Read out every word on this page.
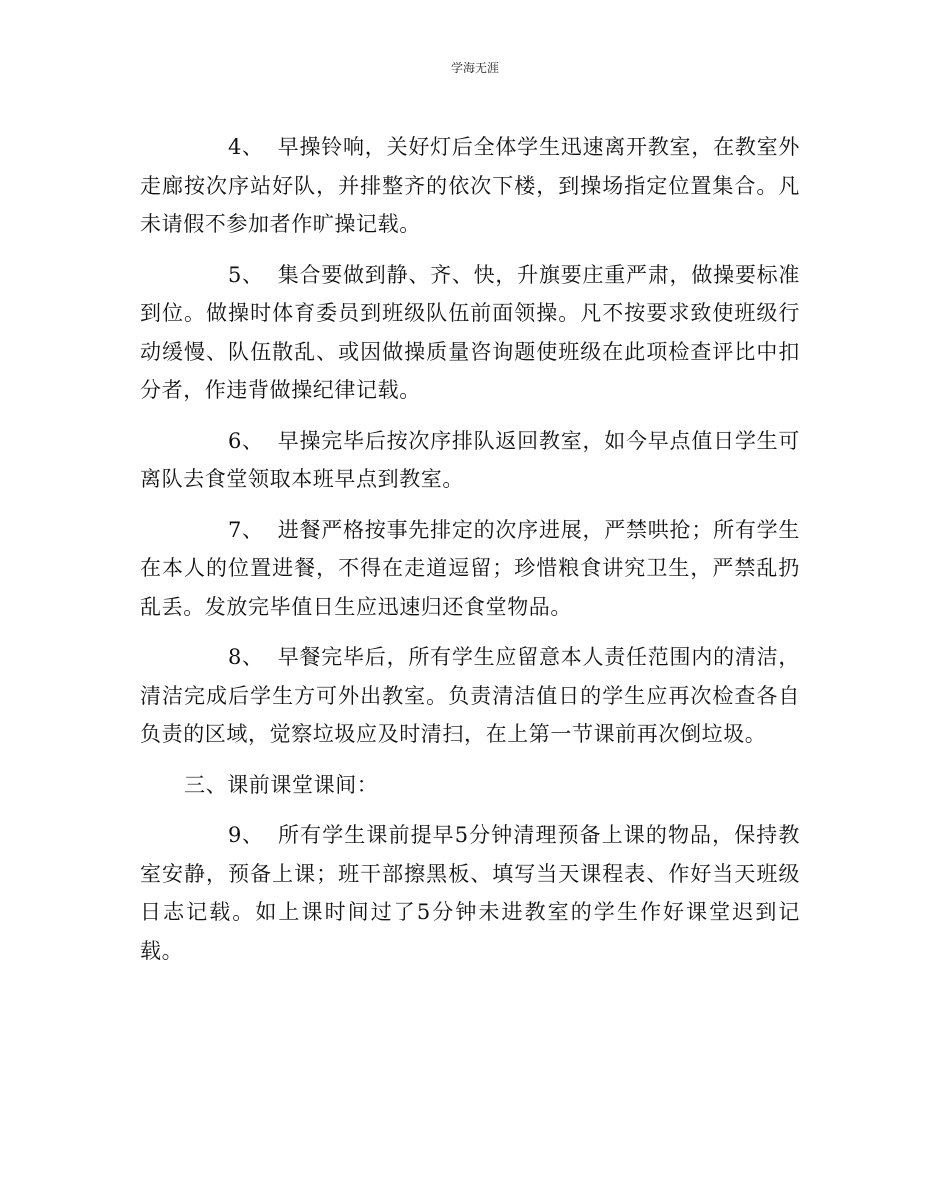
学海无涯

4、 早操铃响，关好灯后全体学生迅速离开教室，在教室外走廊按次序站好队，并排整齐的依次下楼，到操场指定位置集合。凡未请假不参加者作旷操记载。

5、 集合要做到静、齐、快，升旗要庄重严肃，做操要标准到位。做操时体育委员到班级队伍前面领操。凡不按要求致使班级行动缓慢、队伍散乱、或因做操质量咨询题使班级在此项检查评比中扣分者，作违背做操纪律记载。

6、 早操完毕后按次序排队返回教室，如今早点值日学生可离队去食堂领取本班早点到教室。

7、 进餐严格按事先排定的次序进展，严禁哄抢；所有学生在本人的位置进餐，不得在走道逗留；珍惜粮食讲究卫生，严禁乱扔乱丢。发放完毕值日生应迅速归还食堂物品。

8、 早餐完毕后，所有学生应留意本人责任范围内的清洁，清洁完成后学生方可外出教室。负责清洁值日的学生应再次检查各自负责的区域，觉察垃圾应及时清扫，在上第一节课前再次倒垃圾。

三、课前课堂课间：

9、 所有学生课前提早5分钟清理预备上课的物品，保持教室安静，预备上课；班干部擦黑板、填写当天课程表、作好当天班级日志记载。如上课时间过了5分钟未进教室的学生作好课堂迟到记载。
